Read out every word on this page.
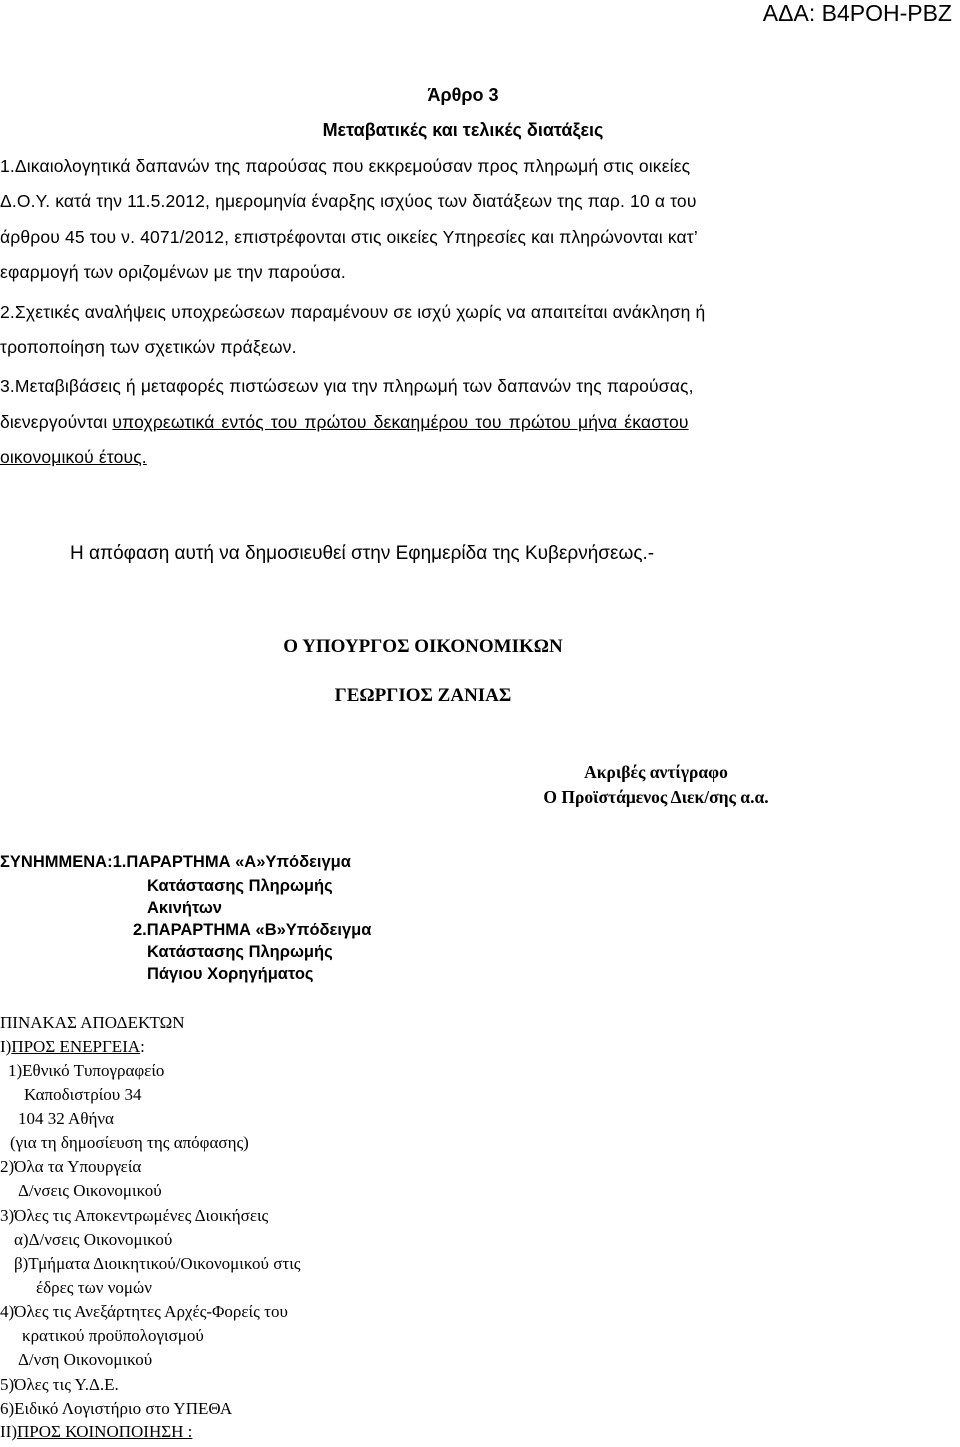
ΑΔΑ: Β4ΡΟΗ-ΡΒΖ
Άρθρο 3
Μεταβατικές και τελικές διατάξεις
1.Δικαιολογητικά δαπανών της παρούσας που εκκρεμούσαν προς πληρωμή στις οικείες
Δ.Ο.Υ. κατά την 11.5.2012, ημερομηνία έναρξης ισχύος των διατάξεων της παρ. 10 α του
άρθρου 45 του ν. 4071/2012, επιστρέφονται στις οικείες Υπηρεσίες και πληρώνονται κατ’
εφαρμογή των οριζομένων με την παρούσα.
2.Σχετικές αναλήψεις υποχρεώσεων παραμένουν σε ισχύ χωρίς να απαιτείται ανάκληση ή
τροποποίηση των σχετικών πράξεων.
3.Μεταβιβάσεις ή μεταφορές πιστώσεων για την πληρωμή των δαπανών της παρούσας,
διενεργούνται υποχρεωτικά εντός του πρώτου δεκαημέρου του πρώτου μήνα έκαστου
οικονομικού έτους.
Η απόφαση αυτή να δημοσιευθεί στην Εφημερίδα της Κυβερνήσεως.-
Ο ΥΠΟΥΡΓΟΣ ΟΙΚΟΝΟΜΙΚΩΝ
ΓΕΩΡΓΙΟΣ ΖΑΝΙΑΣ
Ακριβές αντίγραφο
Ο Προϊστάμενος Διεκ/σης α.α.
ΣΥΝΗΜΜΕΝΑ:1.ΠΑΡΑΡΤΗΜΑ «Α»Υπόδειγμα
Κατάστασης Πληρωμής
Ακινήτων
2.ΠΑΡΑΡΤΗΜΑ «Β»Υπόδειγμα
Κατάστασης Πληρωμής
Πάγιου Χορηγήματος
ΠΙΝΑΚΑΣ ΑΠΟΔΕΚΤΩΝ
Ι)ΠΡΟΣ ΕΝΕΡΓΕΙΑ:
1)Εθνικό Τυπογραφείο
Καποδιστρίου 34
104 32 Αθήνα
(για τη δημοσίευση της απόφασης)
2)Όλα τα Υπουργεία
Δ/νσεις Οικονομικού
3)Όλες τις Αποκεντρωμένες Διοικήσεις
α)Δ/νσεις Οικονομικού
β)Τμήματα Διοικητικού/Οικονομικού στις
έδρες των νομών
4)Όλες τις Ανεξάρτητες Αρχές-Φορείς του
κρατικού προϋπολογισμού
Δ/νση Οικονομικού
5)Όλες τις Υ.Δ.Ε.
6)Ειδικό Λογιστήριο στο ΥΠΕΘΑ
ΙΙ)ΠΡΟΣ ΚΟΙΝΟΠΟΙΗΣΗ :
